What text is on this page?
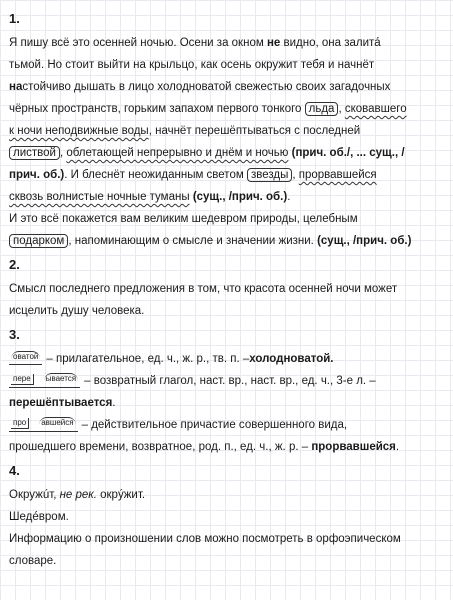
1.

Я пишу всё это осенней ночью. Осени за окном не видно, она залитá

тьмой. Но стоит выйти на крыльцо, как осень окружит тебя и начнёт

настойчиво дышать в лицо холодноватой свежестью своих загадочных

чёрных пространств, горьким запахом первого тонкого льда , сковавшего

к ночи неподвижные воды, начнёт перешёптываться с последней

листвой , облетающей непрерывно и днём и ночью (прич. об./, ... сущ., /

прич. об.). И блеснёт неожиданным светом звезды , прорвавшейся

сквозь волнистые ночные туманы (сущ., /прич. об.).

И это всё покажется вам великим шедевром природы, целебным

подарком , напоминающим о смысле и значении жизни. (сущ., /прич. об.)

2.

Смысл последнего предложения в том, что красота осенней ночи может

исцелить душу человека.

3.
оватой – прилагательное, ед. ч., ж. р., тв. п. – холодноватой.
пере ывается – возвратный глагол, наст. вр., наст. вр., ед. ч., 3-е л. –

перешёптывается.

про авшейся – действительное причастие совершенного вида,

прошедшего времени, возвратное, род. п., ед. ч., ж. р. – прорвавшейся.

4.

Окружúт, не рек. окрýжит.

Шедéвром.

Информацию о произношении слов можно посмотреть в орфоэпическом

словаре.
